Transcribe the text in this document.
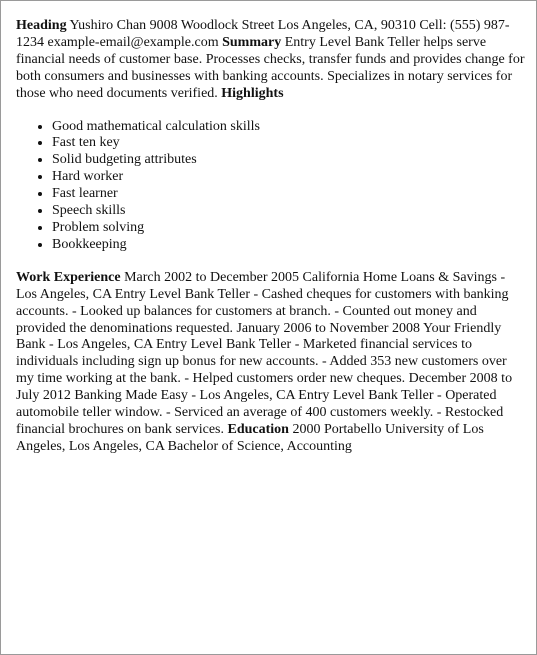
Heading Yushiro Chan 9008 Woodlock Street Los Angeles, CA, 90310 Cell: (555) 987-1234 example-email@example.com Summary Entry Level Bank Teller helps serve financial needs of customer base. Processes checks, transfer funds and provides change for both consumers and businesses with banking accounts. Specializes in notary services for those who need documents verified. Highlights

• Good mathematical calculation skills
• Fast ten key
• Solid budgeting attributes
• Hard worker
• Fast learner
• Speech skills
• Problem solving
• Bookkeeping

Work Experience March 2002 to December 2005 California Home Loans & Savings - Los Angeles, CA Entry Level Bank Teller - Cashed cheques for customers with banking accounts. - Looked up balances for customers at branch. - Counted out money and provided the denominations requested. January 2006 to November 2008 Your Friendly Bank - Los Angeles, CA Entry Level Bank Teller - Marketed financial services to individuals including sign up bonus for new accounts. - Added 353 new customers over my time working at the bank. - Helped customers order new cheques. December 2008 to July 2012 Banking Made Easy - Los Angeles, CA Entry Level Bank Teller - Operated automobile teller window. - Serviced an average of 400 customers weekly. - Restocked financial brochures on bank services. Education 2000 Portabello University of Los Angeles, Los Angeles, CA Bachelor of Science, Accounting
